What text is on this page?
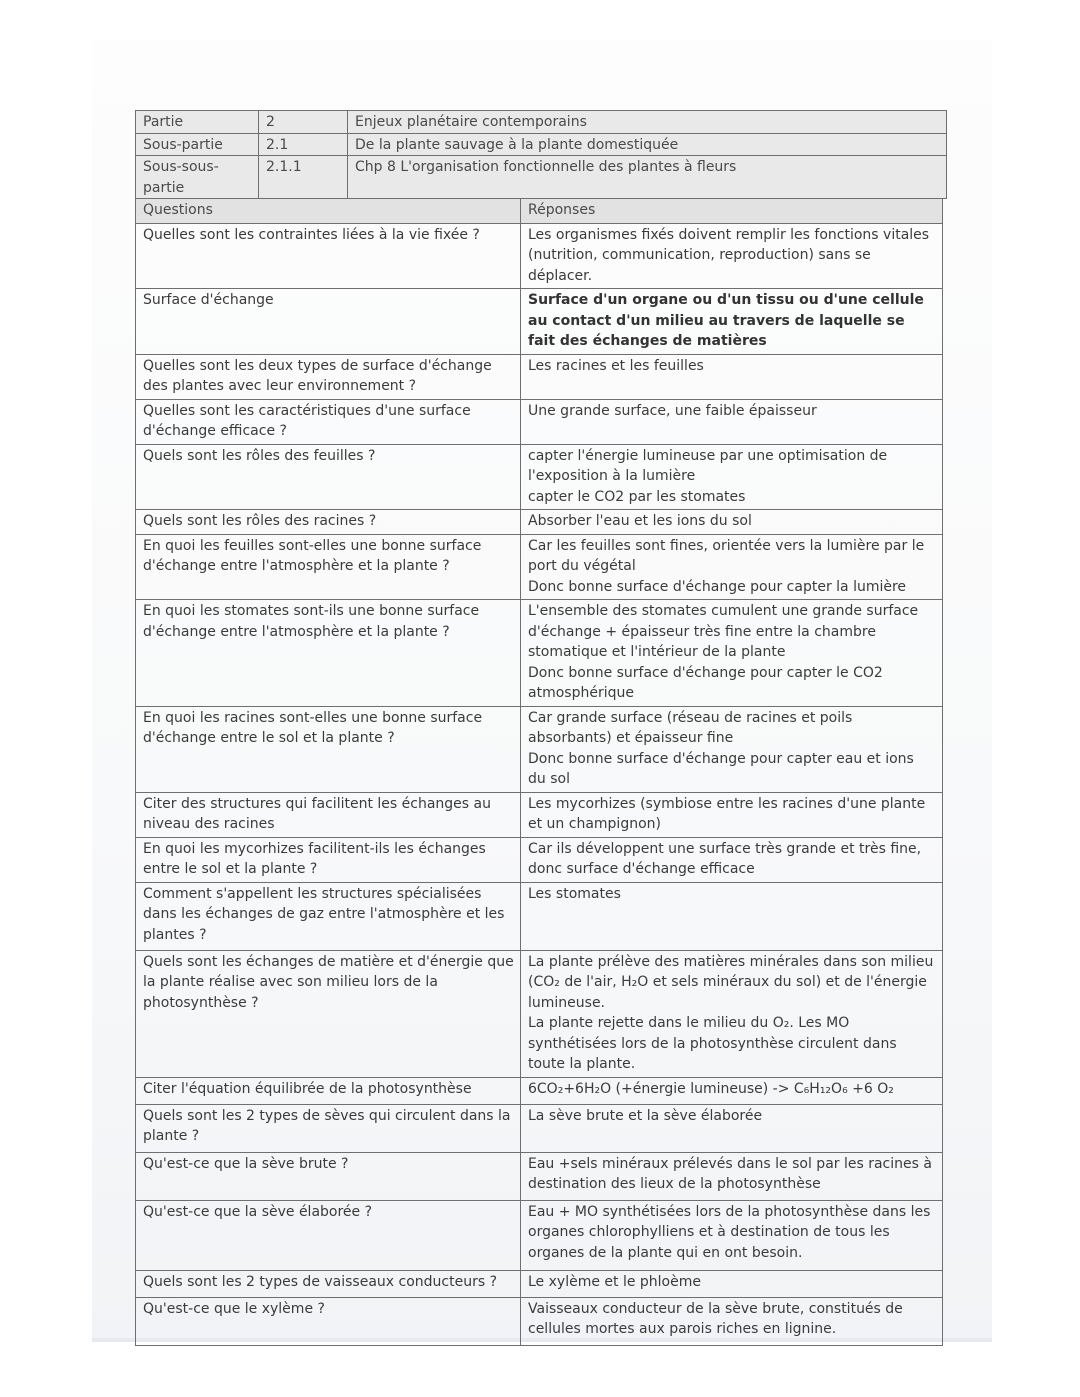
Partie	2	Enjeux planétaire contemporains
Sous-partie	2.1	De la plante sauvage à la plante domestiquée
Sous-sous-partie	2.1.1	Chp 8 L'organisation fonctionnelle des plantes à fleurs
Questions	Réponses
Quelles sont les contraintes liées à la vie fixée ?	Les organismes fixés doivent remplir les fonctions vitales (nutrition, communication, reproduction) sans se déplacer.

Surface d'échange	Surface d'un organe ou d'un tissu ou d'une cellule au contact d'un milieu au travers de laquelle se fait des échanges de matières

Quelles sont les deux types de surface d'échange des plantes avec leur environnement ?	Les racines et les feuilles

Quelles sont les caractéristiques d'une surface d'échange efficace ?	Une grande surface, une faible épaisseur

Quels sont les rôles des feuilles ?	capter l'énergie lumineuse par une optimisation de l'exposition à la lumière
capter le CO2 par les stomates

Quels sont les rôles des racines ?	Absorber l'eau et les ions du sol

En quoi les feuilles sont-elles une bonne surface d'échange entre l'atmosphère et la plante ?	Car les feuilles sont fines, orientée vers la lumière par le port du végétal
Donc bonne surface d'échange pour capter la lumière

En quoi les stomates sont-ils une bonne surface d'échange entre l'atmosphère et la plante ?	L'ensemble des stomates cumulent une grande surface d'échange + épaisseur très fine entre la chambre stomatique et l'intérieur de la plante
Donc bonne surface d'échange pour capter le CO2 atmosphérique

En quoi les racines sont-elles une bonne surface d'échange entre le sol et la plante ?	Car grande surface (réseau de racines et poils absorbants) et épaisseur fine
Donc bonne surface d'échange pour capter eau et ions du sol

Citer des structures qui facilitent les échanges au niveau des racines	Les mycorhizes (symbiose entre les racines d'une plante et un champignon)

En quoi les mycorhizes facilitent-ils les échanges entre le sol et la plante ?	Car ils développent une surface très grande et très fine, donc surface d'échange efficace

Comment s'appellent les structures spécialisées dans les échanges de gaz entre l'atmosphère et les plantes ?	Les stomates

Quels sont les échanges de matière et d'énergie que la plante réalise avec son milieu lors de la photosynthèse ?	La plante prélève des matières minérales dans son milieu (CO₂ de l'air, H₂O et sels minéraux du sol) et de l'énergie lumineuse.
La plante rejette dans le milieu du O₂. Les MO synthétisées lors de la photosynthèse circulent dans toute la plante.

Citer l'équation équilibrée de la photosynthèse	6CO₂+6H₂O (+énergie lumineuse) -> C₆H₁₂O₆ +6 O₂

Quels sont les 2 types de sèves qui circulent dans la plante ?	La sève brute et la sève élaborée

Qu'est-ce que la sève brute ?	Eau +sels minéraux prélevés dans le sol par les racines à destination des lieux de la photosynthèse

Qu'est-ce que la sève élaborée ?	Eau + MO synthétisées lors de la photosynthèse dans les organes chlorophylliens et à destination de tous les organes de la plante qui en ont besoin.

Quels sont les 2 types de vaisseaux conducteurs ?	Le xylème et le phloème

Qu'est-ce que le xylème ?	Vaisseaux conducteur de la sève brute, constitués de cellules mortes aux parois riches en lignine.
